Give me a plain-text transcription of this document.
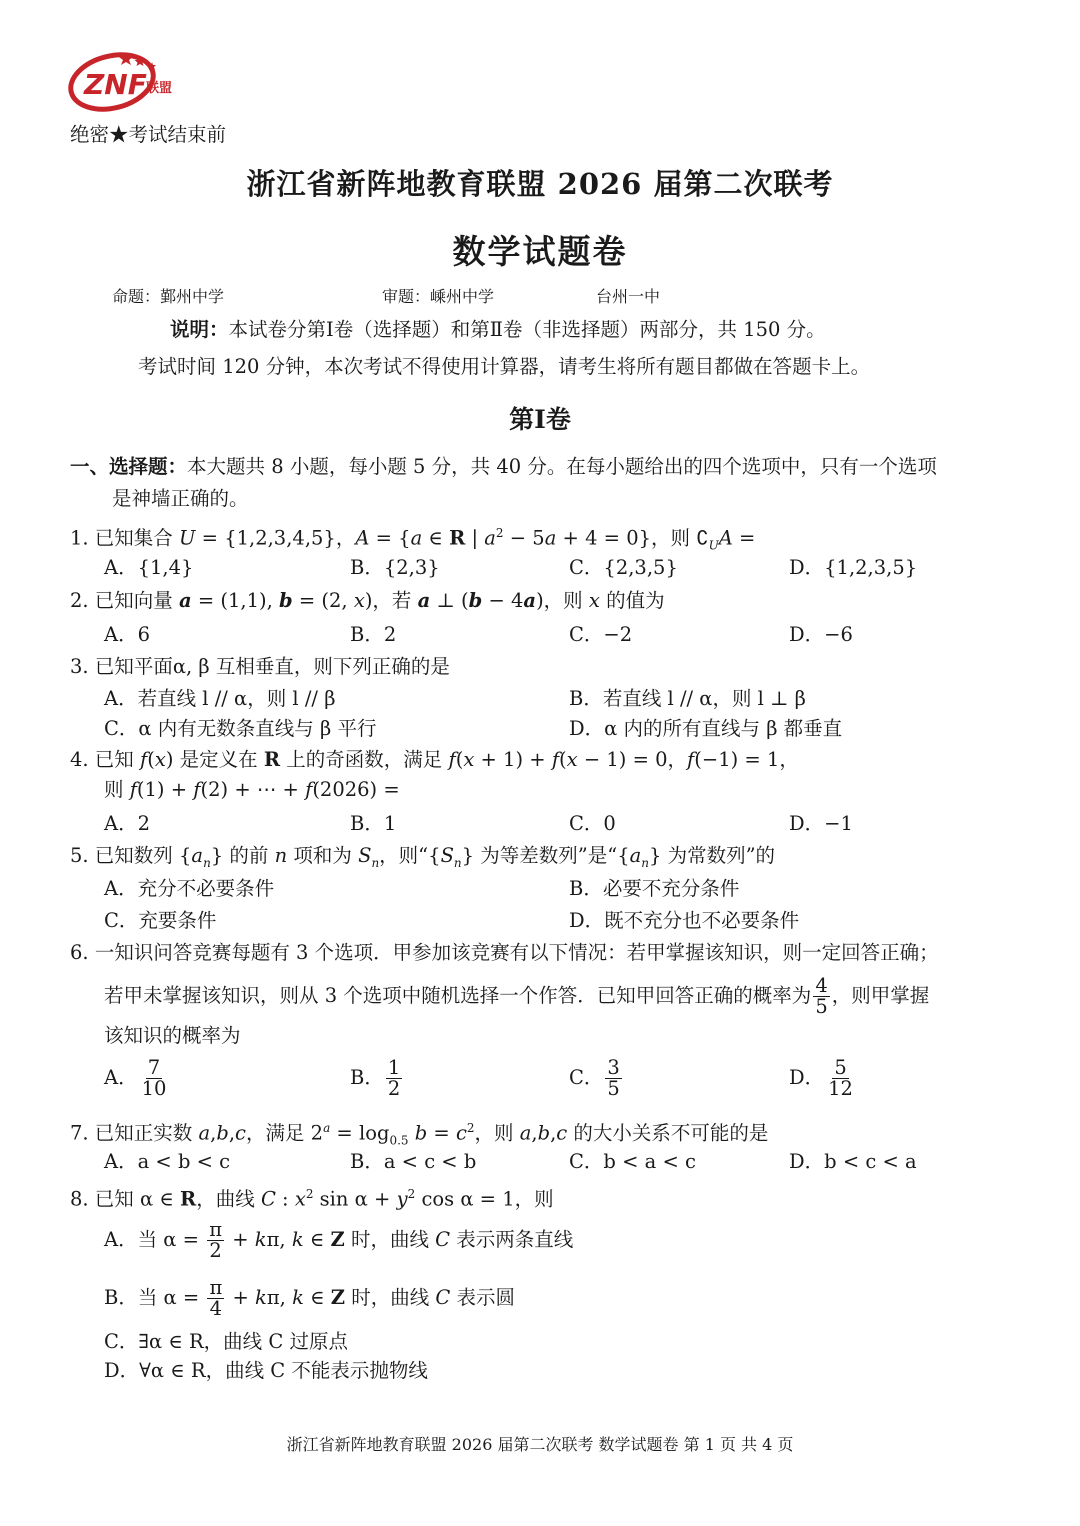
ZNF 联盟
绝密★考试结束前
浙江省新阵地教育联盟 2026 届第二次联考
数学试题卷
命题：鄞州中学	审题：嵊州中学	台州一中
说明：本试卷分第Ⅰ卷（选择题）和第Ⅱ卷（非选择题）两部分，共 150 分。
考试时间 120 分钟，本次考试不得使用计算器，请考生将所有题目都做在答题卡上。
第Ⅰ卷
一、选择题：本大题共 8 小题，每小题 5 分，共 40 分。在每小题给出的四个选项中，只有一个选项
是神墙正确的。
1. 已知集合 U = {1,2,3,4,5}，A = {a ∈ R | $a^2 - 5a + 4 = 0$}，则 $∁_UA$ =
A．{1,4}	B．{2,3}	C．{2,3,5}	D．{1,2,3,5}
2. 已知向量 a = (1,1), b = (2, x)，若 a ⊥ (b − 4a)，则 x 的值为
A．6	B．2	C．−2	D．−6
3. 已知平面α, β 互相垂直，则下列正确的是
A．若直线 l // α，则 l // β	B．若直线 l // α，则 l ⊥ β
C．α 内有无数条直线与 β 平行	D．α 内的所有直线与 β 都垂直
4. 已知 f(x) 是定义在 R 上的奇函数，满足 f(x + 1) + f(x − 1) = 0，f(−1) = 1，
则 f(1) + f(2) + ⋯ + f(2026) =
A．2	B．1	C．0	D．−1
5. 已知数列 $\{a_n\}$ 的前 n 项和为 $S_n$，则“$\{S_n\}$ 为等差数列”是“$\{a_n\}$ 为常数列”的
A．充分不必要条件	B．必要不充分条件
C．充要条件	D．既不充分也不必要条件
6. 一知识问答竞赛每题有 3 个选项．甲参加该竞赛有以下情况：若甲掌握该知识，则一定回答正确；
若甲未掌握该知识，则从 3 个选项中随机选择一个作答．已知甲回答正确的概率为 $\frac{4}{5}$ ，则甲掌握
该知识的概率为
A． $\frac{7}{10}$	B． $\frac{1}{2}$	C． $\frac{3}{5}$	D． $\frac{5}{12}$
7. 已知正实数 a,b,c，满足 $2^a = \log_{0.5} b = c^2$，则 a,b,c 的大小关系不可能的是
A．a < b < c	B．a < c < b	C．b < a < c	D．b < c < a
8. 已知 α ∈ R，曲线 C : $x^2$ $\sin \alpha + y^2$ cos α = 1，则
A．当 $\alpha = \frac{\pi}{2} + k\pi$, k ∈ Z 时，曲线 C 表示两条直线
B．当 $\alpha = \frac{\pi}{4} + k\pi$, k ∈ Z 时，曲线 C 表示圆
C．∃α ∈ R，曲线 C 过原点
D．∀α ∈ R，曲线 C 不能表示抛物线
浙江省新阵地教育联盟 2026 届第二次联考 数学试题卷 第 1 页 共 4 页
